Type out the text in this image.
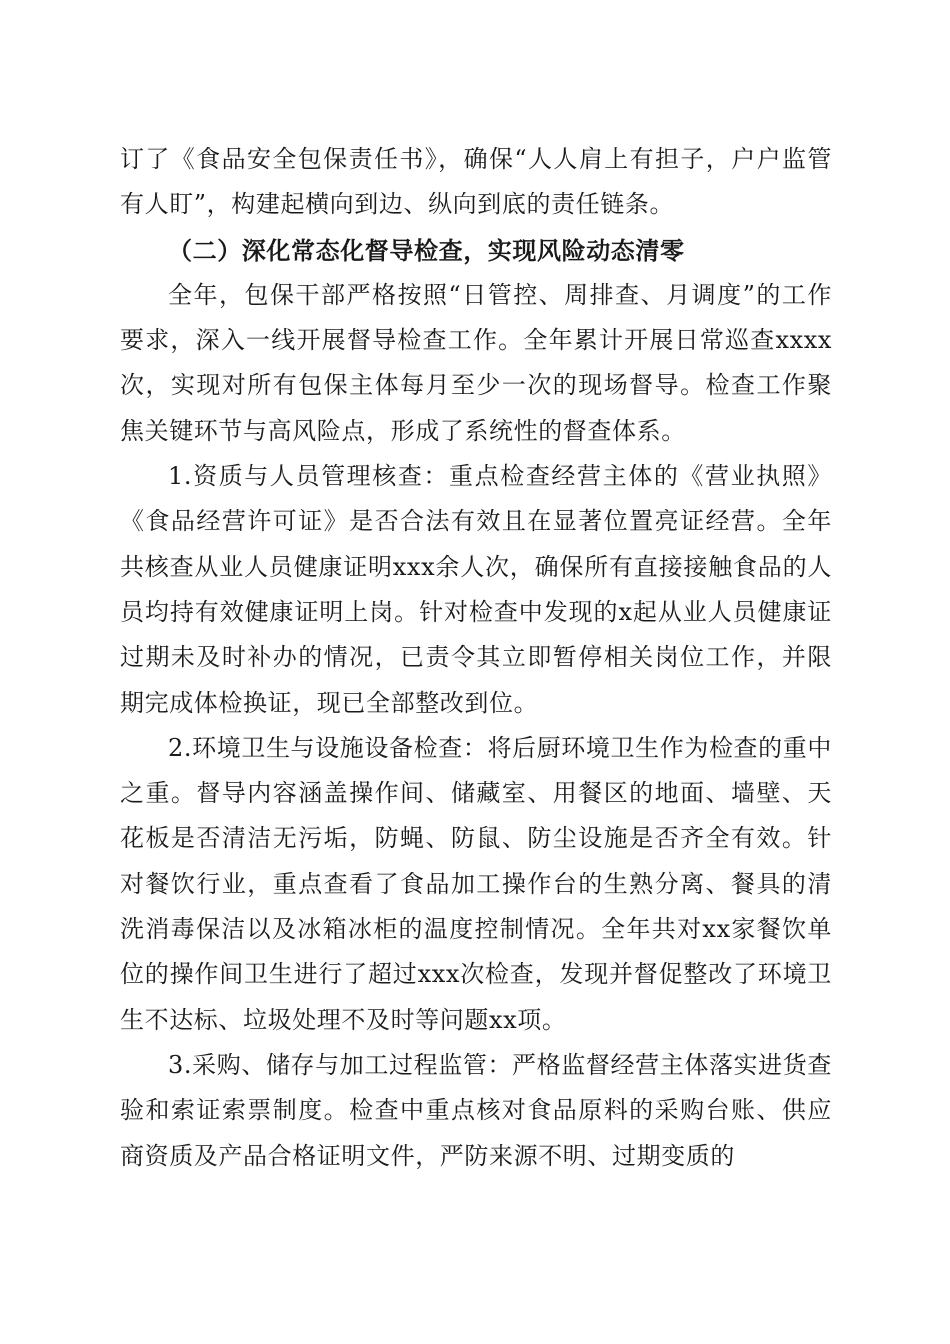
订了《食品安全包保责任书》，确保“人人肩上有担子，户户监管有人盯”，构建起横向到边、纵向到底的责任链条。

（二）深化常态化督导检查，实现风险动态清零

全年，包保干部严格按照“日管控、周排查、月调度”的工作要求，深入一线开展督导检查工作。全年累计开展日常巡查xxxx次，实现对所有包保主体每月至少一次的现场督导。检查工作聚焦关键环节与高风险点，形成了系统性的督查体系。

1.资质与人员管理核查：重点检查经营主体的《营业执照》《食品经营许可证》是否合法有效且在显著位置亮证经营。全年共核查从业人员健康证明xxx余人次，确保所有直接接触食品的人员均持有效健康证明上岗。针对检查中发现的x起从业人员健康证过期未及时补办的情况，已责令其立即暂停相关岗位工作，并限期完成体检换证，现已全部整改到位。

2.环境卫生与设施设备检查：将后厨环境卫生作为检查的重中之重。督导内容涵盖操作间、储藏室、用餐区的地面、墙壁、天花板是否清洁无污垢，防蝇、防鼠、防尘设施是否齐全有效。针对餐饮行业，重点查看了食品加工操作台的生熟分离、餐具的清洗消毒保洁以及冰箱冰柜的温度控制情况。全年共对xx家餐饮单位的操作间卫生进行了超过xxx次检查，发现并督促整改了环境卫生不达标、垃圾处理不及时等问题xx项。

3.采购、储存与加工过程监管：严格监督经营主体落实进货查验和索证索票制度。检查中重点核对食品原料的采购台账、供应商资质及产品合格证明文件，严防来源不明、过期变质的
